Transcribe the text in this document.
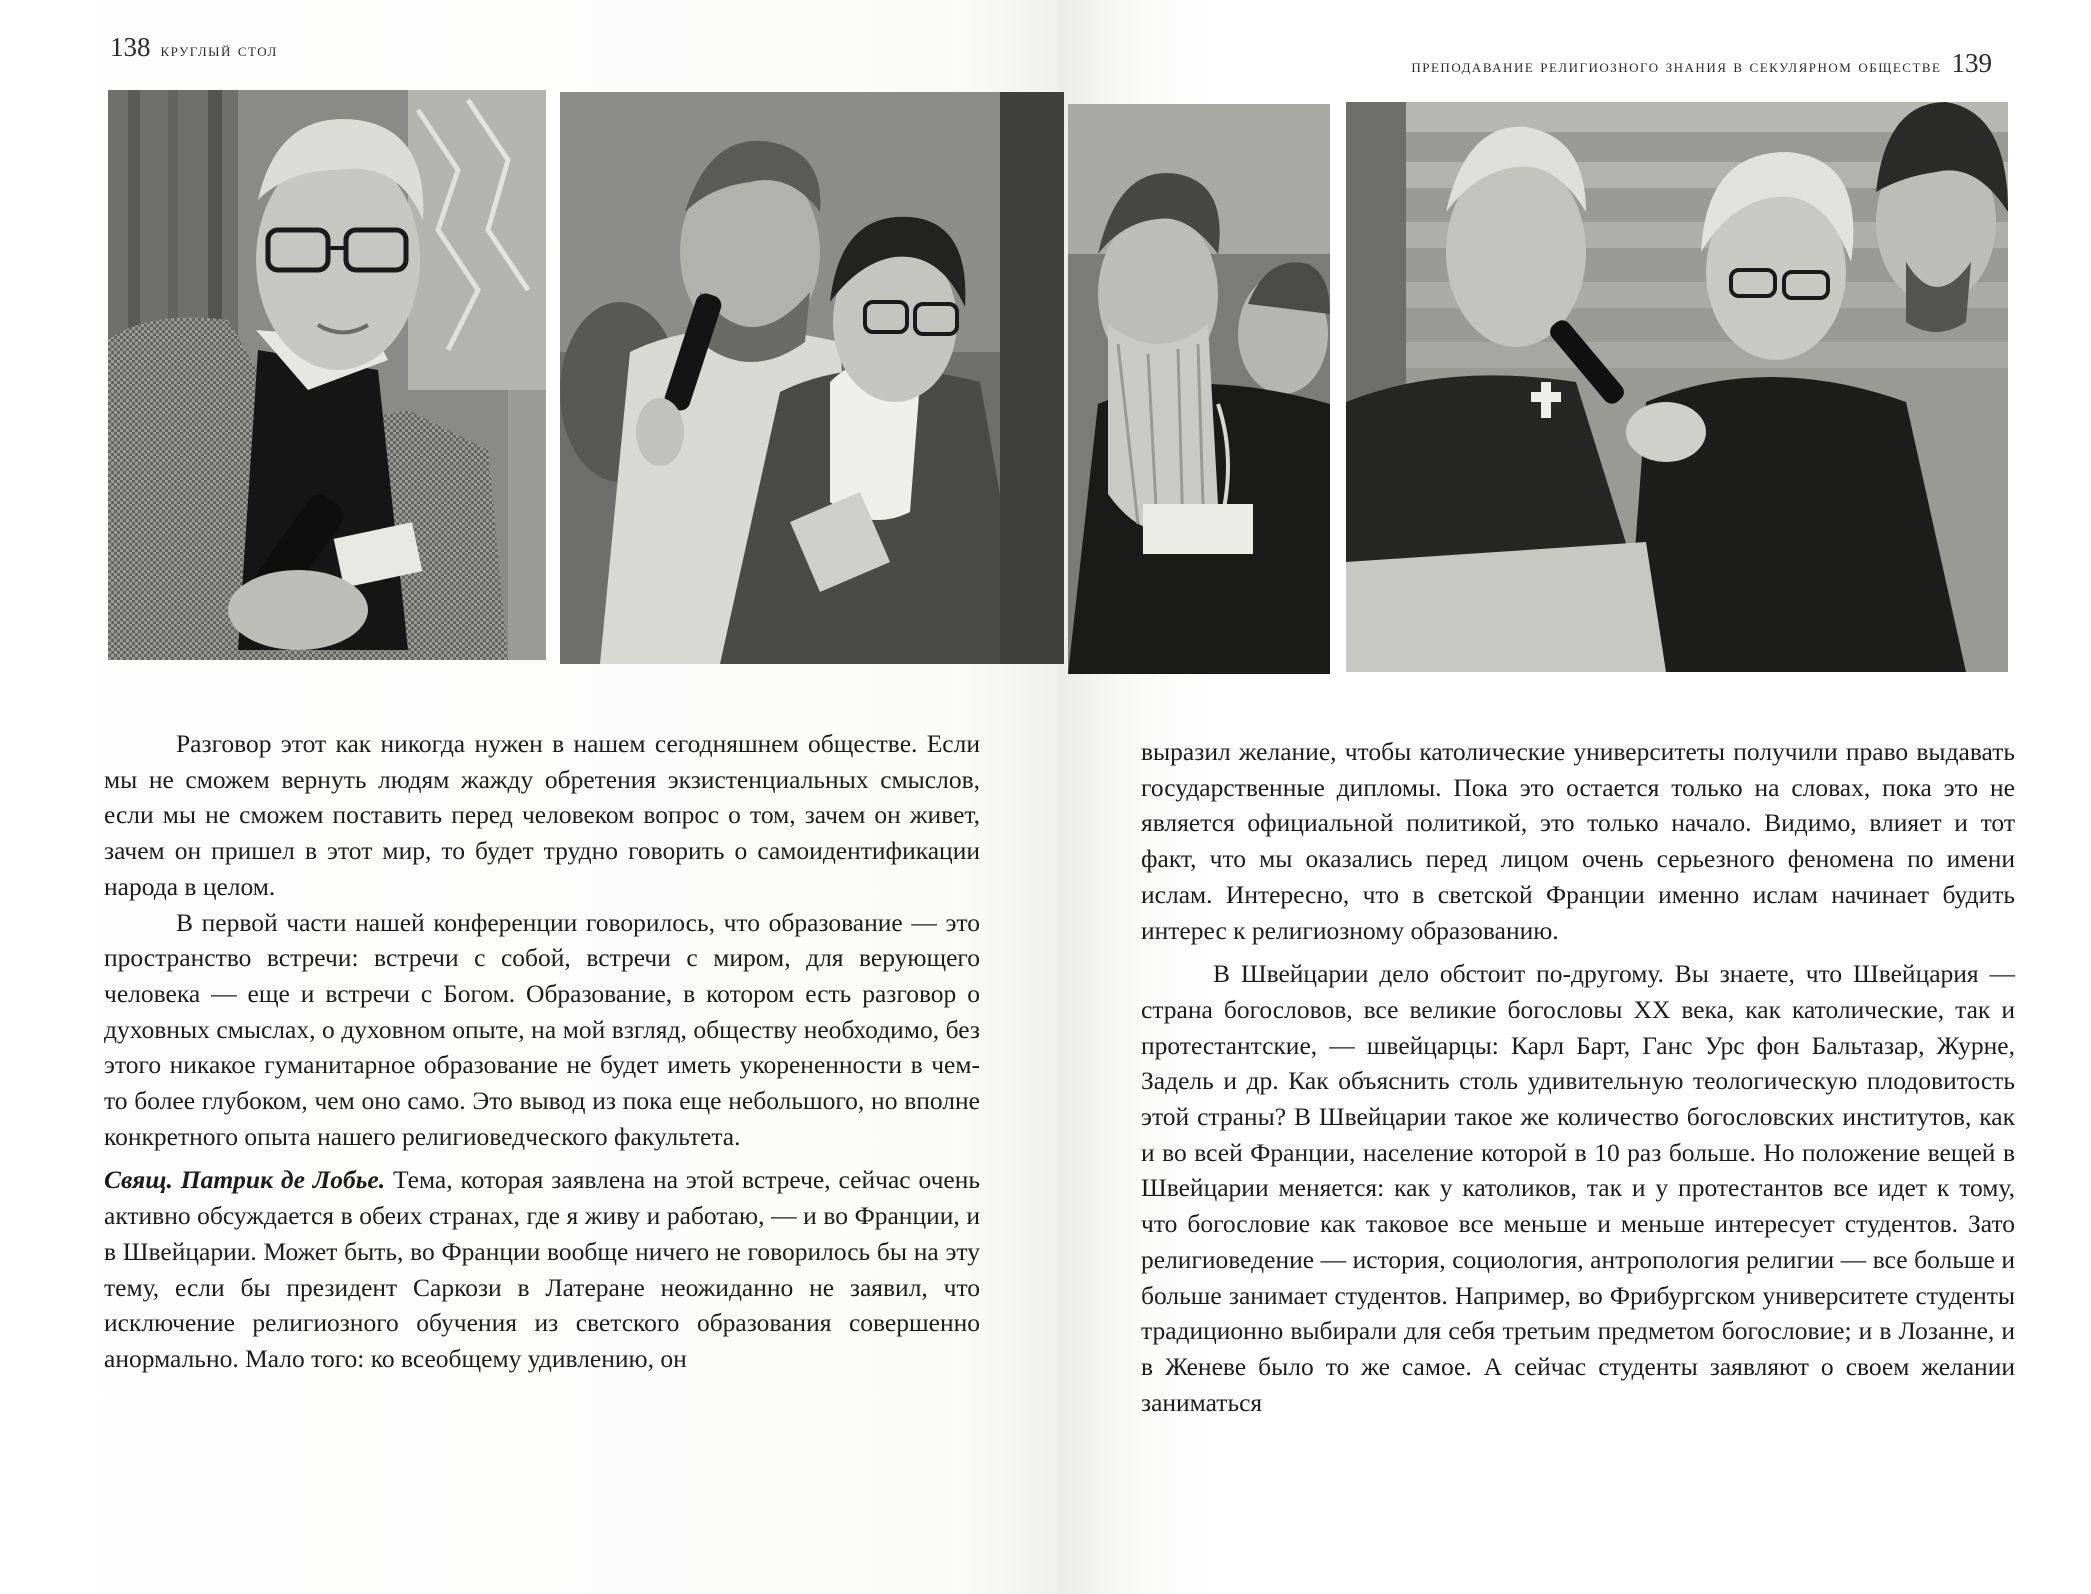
138 круглый стол
преподавание религиозного знания в секулярном обществе 139

Разговор этот как никогда нужен в нашем сегодняшнем обществе. Если мы не сможем вернуть людям жажду обретения экзистенциальных смыслов, если мы не сможем поставить перед человеком вопрос о том, зачем он живет, зачем он пришел в этот мир, то будет трудно говорить о самоидентификации народа в целом.

В первой части нашей конференции говорилось, что образование — это пространство встречи: встречи с собой, встречи с миром, для верующего человека — еще и встречи с Богом. Образование, в котором есть разговор о духовных смыслах, о духовном опыте, на мой взгляд, обществу необходимо, без этого никакое гуманитарное образование не будет иметь укорененности в чем-то более глубоком, чем оно само. Это вывод из пока еще небольшого, но вполне конкретного опыта нашего религиоведческого факультета.

Свящ. Патрик де Лобье. Тема, которая заявлена на этой встрече, сейчас очень активно обсуждается в обеих странах, где я живу и работаю, — и во Франции, и в Швейцарии. Может быть, во Франции вообще ничего не говорилось бы на эту тему, если бы президент Саркози в Латеране неожиданно не заявил, что исключение религиозного обучения из светского образования совершенно анормально. Мало того: ко всеобщему удивлению, он

выразил желание, чтобы католические университеты получили право выдавать государственные дипломы. Пока это остается только на словах, пока это не является официальной политикой, это только начало. Видимо, влияет и тот факт, что мы оказались перед лицом очень серьезного феномена по имени ислам. Интересно, что в светской Франции именно ислам начинает будить интерес к религиозному образованию.

В Швейцарии дело обстоит по-другому. Вы знаете, что Швейцария — страна богословов, все великие богословы XX века, как католические, так и протестантские, — швейцарцы: Карл Барт, Ганс Урс фон Бальтазар, Журне, Задель и др. Как объяснить столь удивительную теологическую плодовитость этой страны? В Швейцарии такое же количество богословских институтов, как и во всей Франции, население которой в 10 раз больше. Но положение вещей в Швейцарии меняется: как у католиков, так и у протестантов все идет к тому, что богословие как таковое все меньше и меньше интересует студентов. Зато религиоведение — история, социология, антропология религии — все больше и больше занимает студентов. Например, во Фрибургском университете студенты традиционно выбирали для себя третьим предметом богословие; и в Лозанне, и в Женеве было то же самое. А сейчас студенты заявляют о своем желании заниматься
